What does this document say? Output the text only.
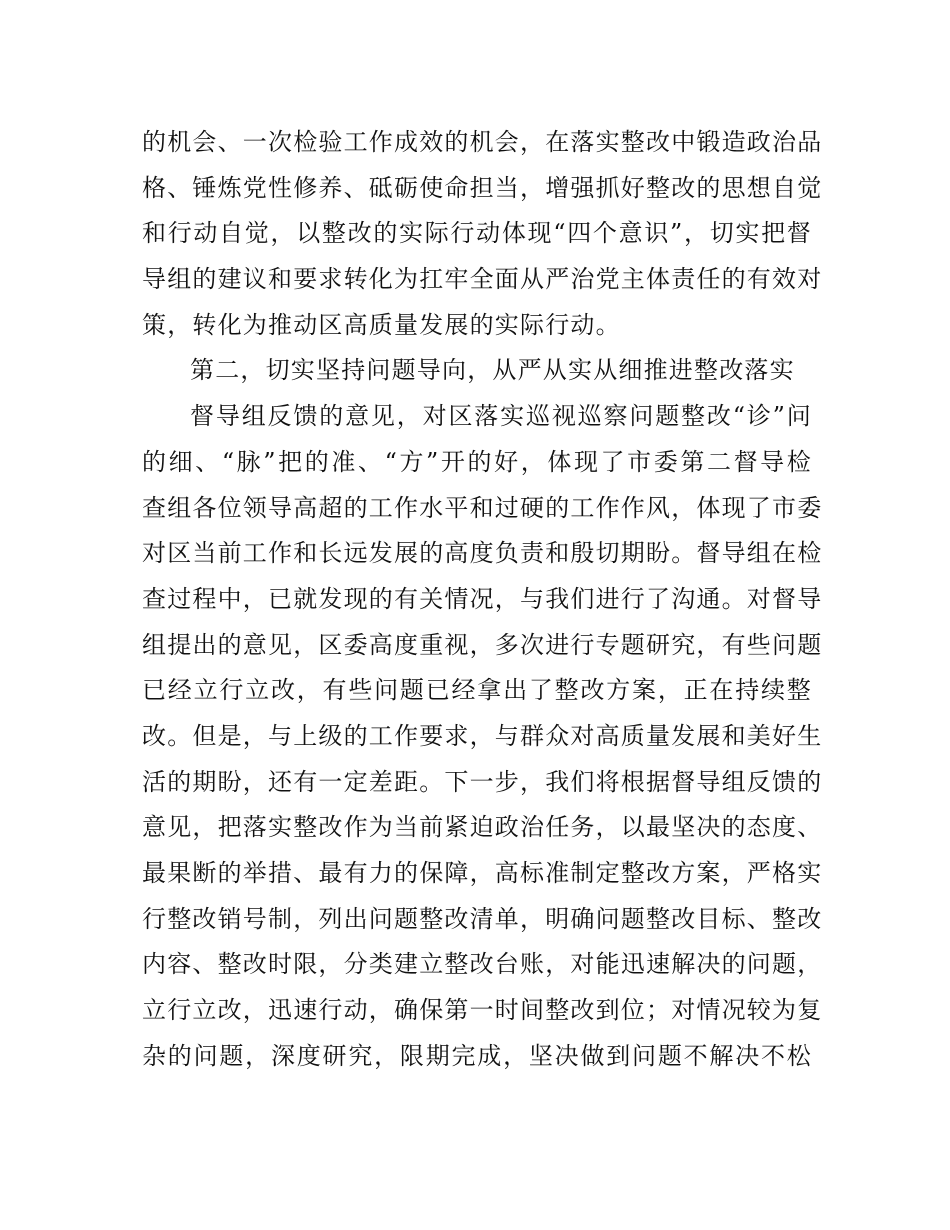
的机会、一次检验工作成效的机会，在落实整改中锻造政治品
格、锤炼党性修养、砥砺使命担当，增强抓好整改的思想自觉
和行动自觉，以整改的实际行动体现“四个意识”，切实把督
导组的建议和要求转化为扛牢全面从严治党主体责任的有效对
策，转化为推动区高质量发展的实际行动。
第二，切实坚持问题导向，从严从实从细推进整改落实
督导组反馈的意见，对区落实巡视巡察问题整改“诊”问
的细、“脉”把的准、“方”开的好，体现了市委第二督导检
查组各位领导高超的工作水平和过硬的工作作风，体现了市委
对区当前工作和长远发展的高度负责和殷切期盼。督导组在检
查过程中，已就发现的有关情况，与我们进行了沟通。对督导
组提出的意见，区委高度重视，多次进行专题研究，有些问题
已经立行立改，有些问题已经拿出了整改方案，正在持续整
改。但是，与上级的工作要求，与群众对高质量发展和美好生
活的期盼，还有一定差距。下一步，我们将根据督导组反馈的
意见，把落实整改作为当前紧迫政治任务，以最坚决的态度、
最果断的举措、最有力的保障，高标准制定整改方案，严格实
行整改销号制，列出问题整改清单，明确问题整改目标、整改
内容、整改时限，分类建立整改台账，对能迅速解决的问题，
立行立改，迅速行动，确保第一时间整改到位；对情况较为复
杂的问题，深度研究，限期完成，坚决做到问题不解决不松
